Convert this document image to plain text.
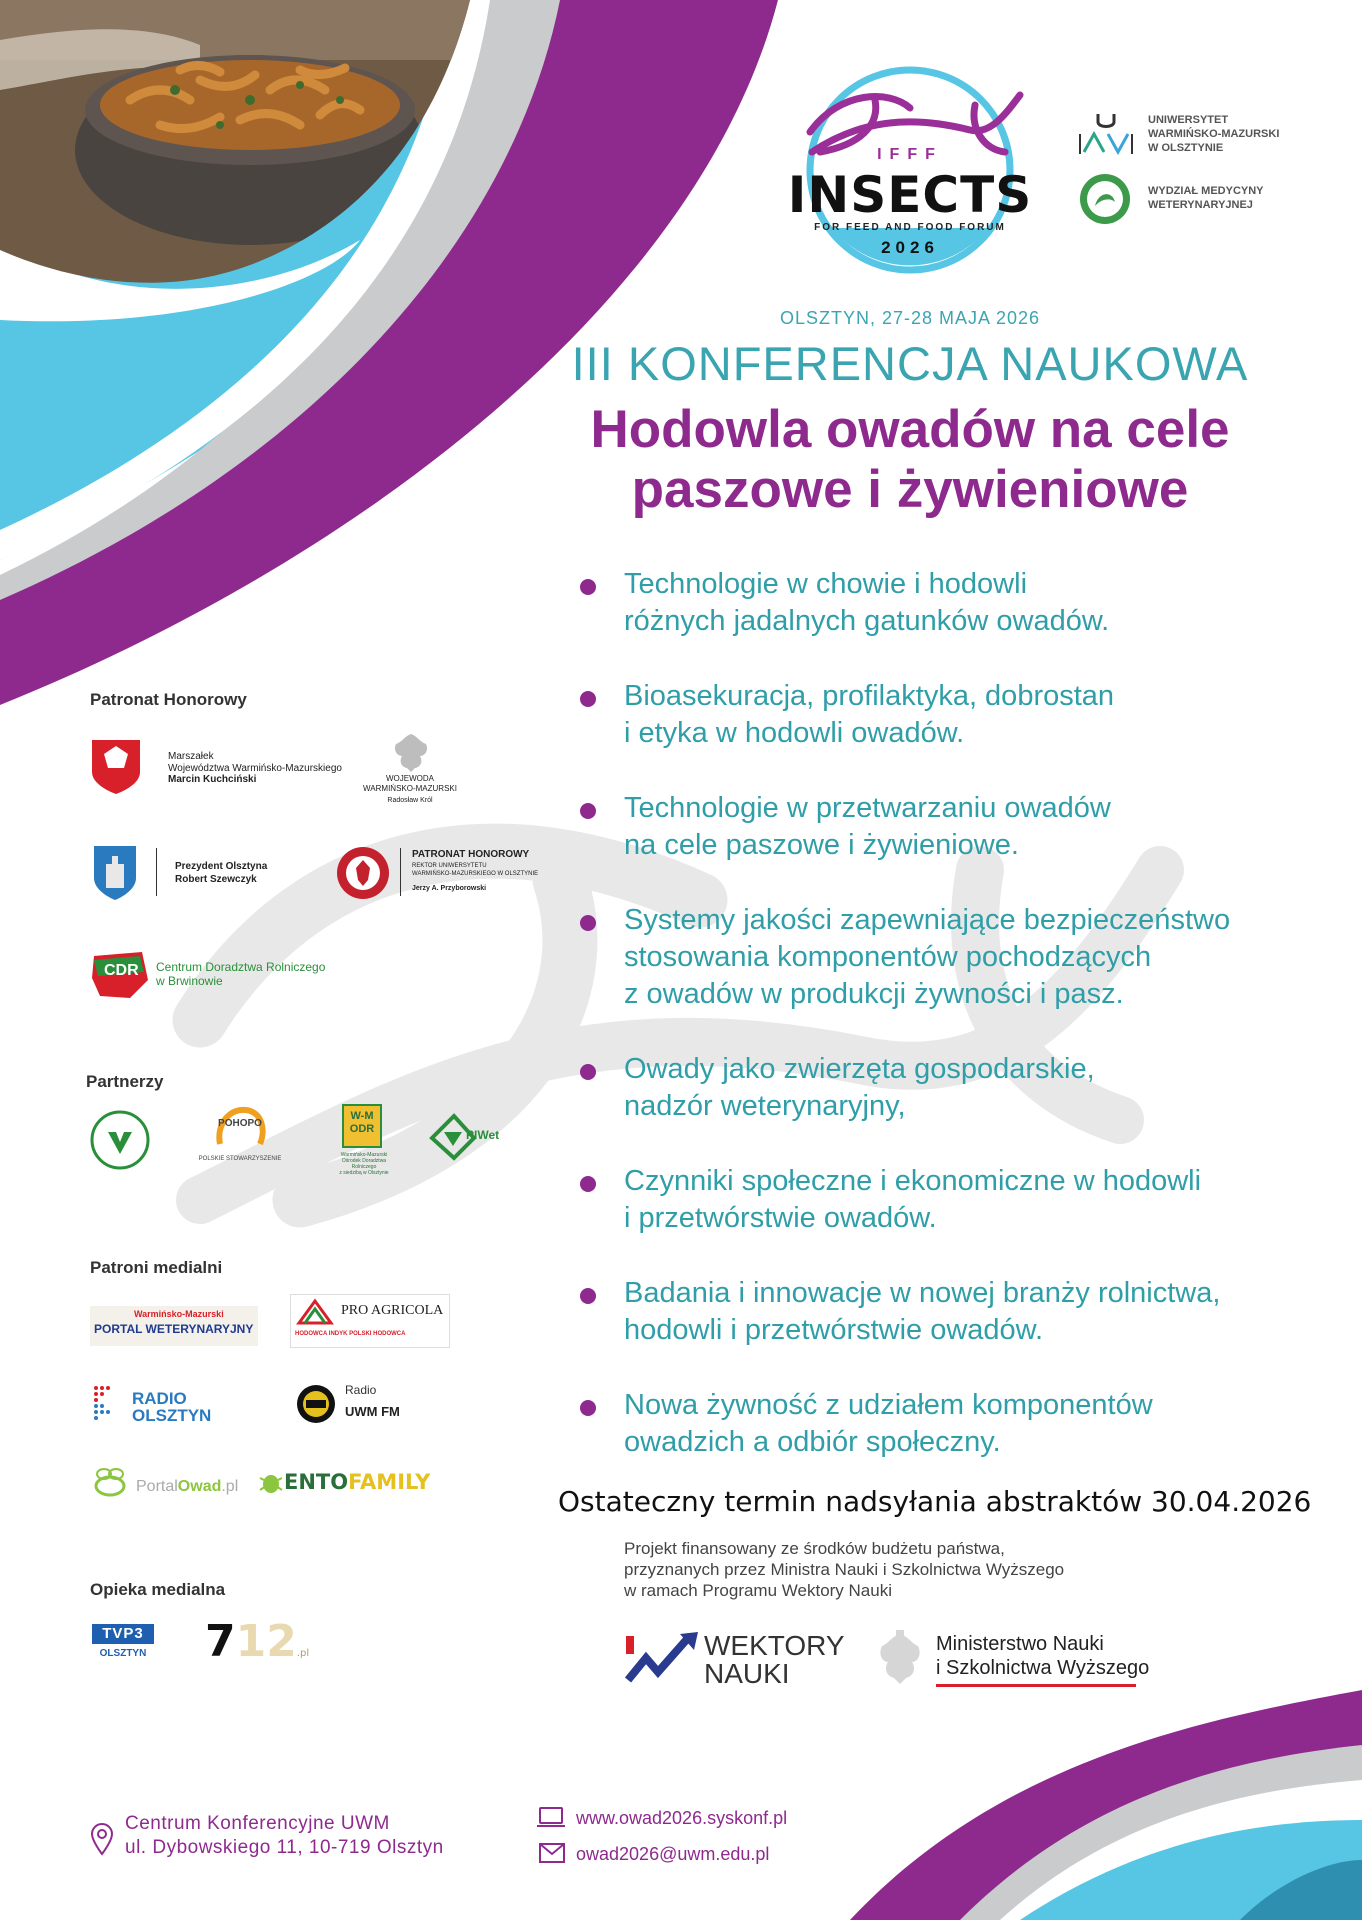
IFFF
INSECTS
FOR FEED AND FOOD FORUM
2026
UNIWERSYTET
WARMIŃSKO-MAZURSKI
W OLSZTYNIE
WYDZIAŁ MEDYCYNY
WETERYNARYJNEJ
OLSZTYN, 27-28 MAJA 2026
III KONFERENCJA NAUKOWA
Hodowla owadów na cele
paszowe i żywieniowe
Technologie w chowie i hodowli
różnych jadalnych gatunków owadów.
Bioasekuracja, profilaktyka, dobrostan
i etyka w hodowli owadów.
Technologie w przetwarzaniu owadów
na cele paszowe i żywieniowe.
Systemy jakości zapewniające bezpieczeństwo
stosowania komponentów pochodzących
z owadów w produkcji żywności i pasz.
Owady jako zwierzęta gospodarskie,
nadzór weterynaryjny,
Czynniki społeczne i ekonomiczne w hodowli
i przetwórstwie owadów.
Badania i innowacje w nowej branży rolnictwa,
hodowli i przetwórstwie owadów.
Nowa żywność z udziałem komponentów
owadzich a odbiór społeczny.
Ostateczny termin nadsyłania abstraktów 30.04.2026
Projekt finansowany ze środków budżetu państwa,
przyznanych przez Ministra Nauki i Szkolnictwa Wyższego
w ramach Programu Wektory Nauki
WEKTORY
NAUKI
Ministerstwo Nauki
i Szkolnictwa Wyższego
Patronat Honorowy
Marszałek
Województwa Warmińsko-Mazurskiego
Marcin Kuchciński	WOJEWODA
WARMIŃSKO-MAZURSKI
Radosław Król
Prezydent Olsztyna
Robert Szewczyk
PATRONAT HONOROWY
REKTOR UNIWERSYTETU
WARMIŃSKO-MAZURSKIEGO W OLSZTYNIE
Jerzy A. Przyborowski
CDR Centrum Doradztwa Rolniczego
w Brwinowie
Partnerzy
POHOPO
POLSKIE STOWARZYSZENIE
W-M
ODR
Warmińsko-Mazurski
Ośrodek Doradztwa Rolniczego
z siedzibą w Olsztynie
PIWet
Patroni medialni
Warmińsko-Mazurski
PORTAL WETERYNARYJNY
PRO AGRICOLA
HODOWCA INDYK POLSKI HODOWCA
RADIO
OLSZTYN
Radio
UWM FM
PortalOwad.pl ENTOFAMILY
Opieka medialna
TVP3
OLSZTYN 712.pl
Centrum Konferencyjne UWM
ul. Dybowskiego 11, 10-719 Olsztyn
www.owad2026.syskonf.pl
owad2026@uwm.edu.pl
